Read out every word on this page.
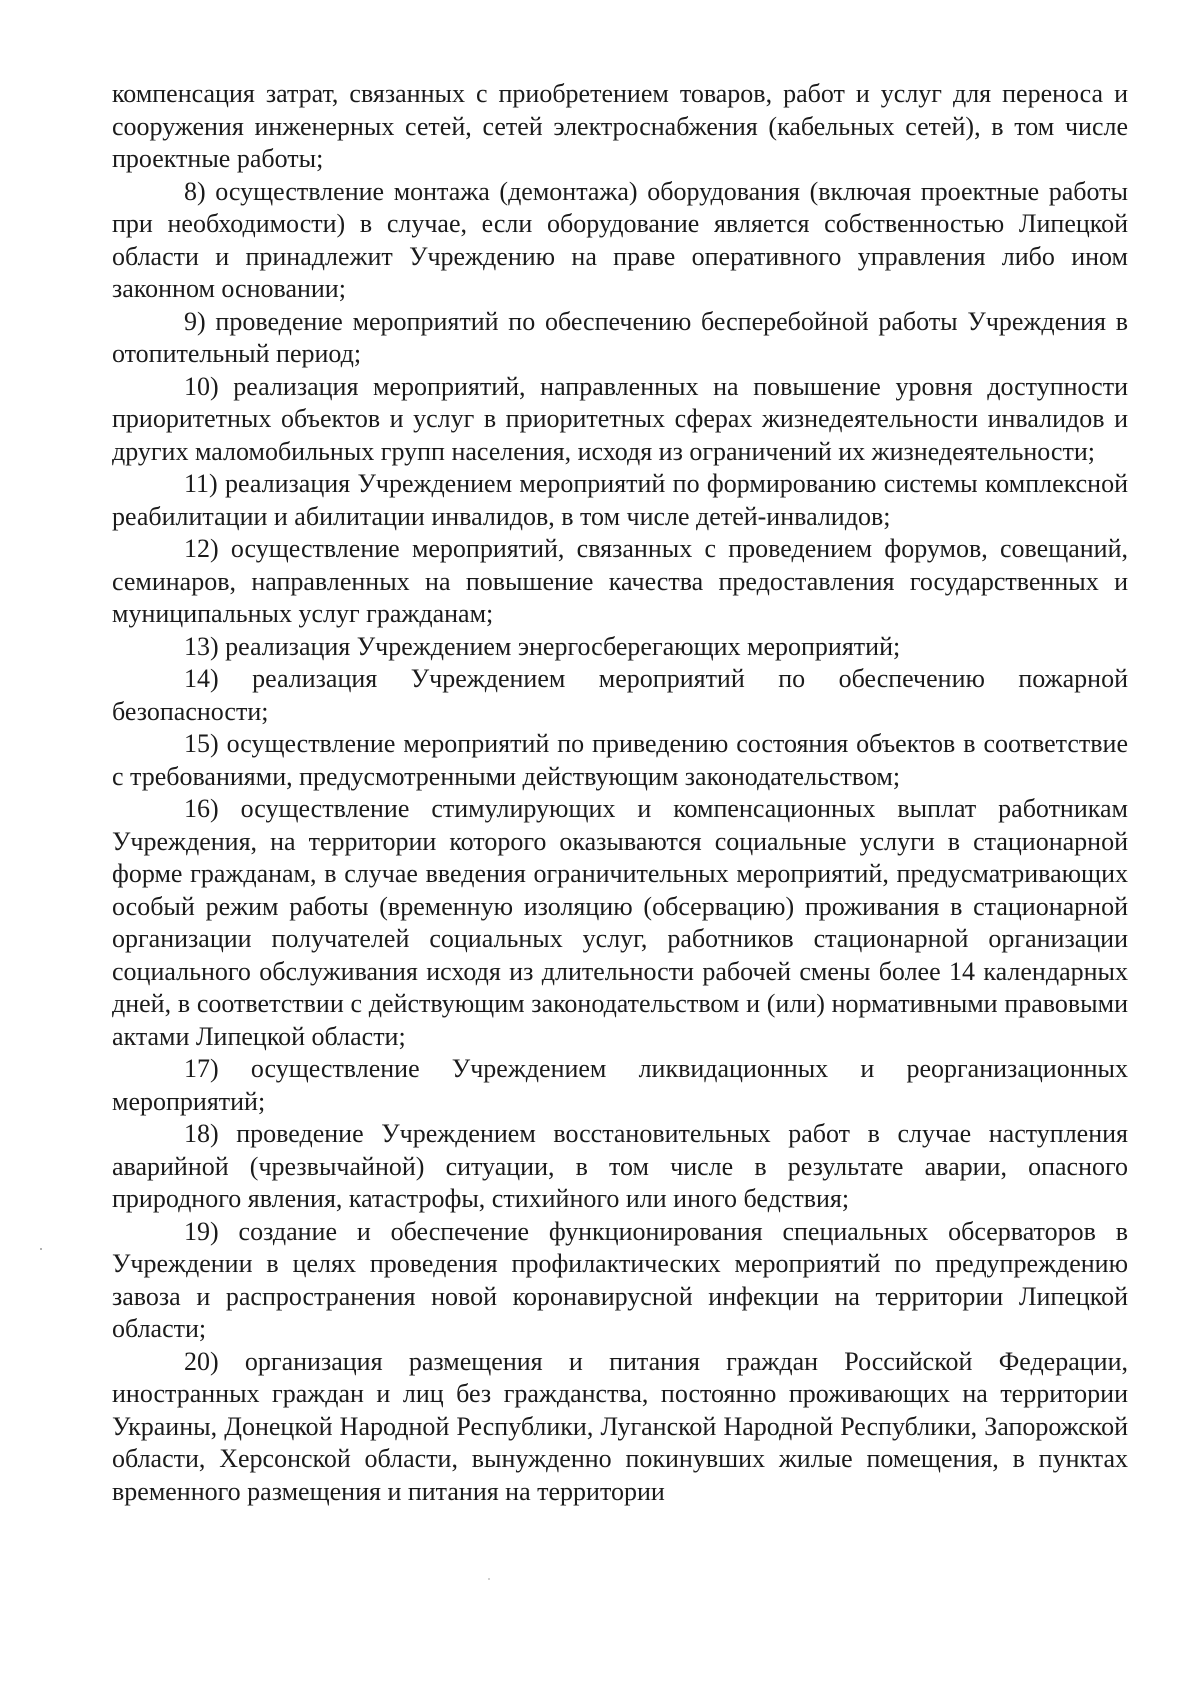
компенсация затрат, связанных с приобретением товаров, работ и услуг для переноса и сооружения инженерных сетей, сетей электроснабжения (кабельных сетей), в том числе проектные работы;

8) осуществление монтажа (демонтажа) оборудования (включая проектные работы при необходимости) в случае, если оборудование является собственностью Липецкой области и принадлежит Учреждению на праве оперативного управления либо ином законном основании;

9) проведение мероприятий по обеспечению бесперебойной работы Учреждения в отопительный период;

10) реализация мероприятий, направленных на повышение уровня доступности приоритетных объектов и услуг в приоритетных сферах жизнедеятельности инвалидов и других маломобильных групп населения, исходя из ограничений их жизнедеятельности;

11) реализация Учреждением мероприятий по формированию системы комплексной реабилитации и абилитации инвалидов, в том числе детей-инвалидов;

12) осуществление мероприятий, связанных с проведением форумов, совещаний, семинаров, направленных на повышение качества предоставления государственных и муниципальных услуг гражданам;

13) реализация Учреждением энергосберегающих мероприятий;

14) реализация Учреждением мероприятий по обеспечению пожарной безопасности;

15) осуществление мероприятий по приведению состояния объектов в соответствие с требованиями, предусмотренными действующим законодательством;

16) осуществление стимулирующих и компенсационных выплат работникам Учреждения, на территории которого оказываются социальные услуги в стационарной форме гражданам, в случае введения ограничительных мероприятий, предусматривающих особый режим работы (временную изоляцию (обсервацию) проживания в стационарной организации получателей социальных услуг, работников стационарной организации социального обслуживания исходя из длительности рабочей смены более 14 календарных дней, в соответствии с действующим законодательством и (или) нормативными правовыми актами Липецкой области;

17) осуществление Учреждением ликвидационных и реорганизационных мероприятий;

18) проведение Учреждением восстановительных работ в случае наступления аварийной (чрезвычайной) ситуации, в том числе в результате аварии, опасного природного явления, катастрофы, стихийного или иного бедствия;

19) создание и обеспечение функционирования специальных обсерваторов в Учреждении в целях проведения профилактических мероприятий по предупреждению завоза и распространения новой коронавирусной инфекции на территории Липецкой области;

20) организация размещения и питания граждан Российской Федерации, иностранных граждан и лиц без гражданства, постоянно проживающих на территории Украины, Донецкой Народной Республики, Луганской Народной Республики, Запорожской области, Херсонской области, вынужденно покинувших жилые помещения, в пунктах временного размещения и питания на территории
